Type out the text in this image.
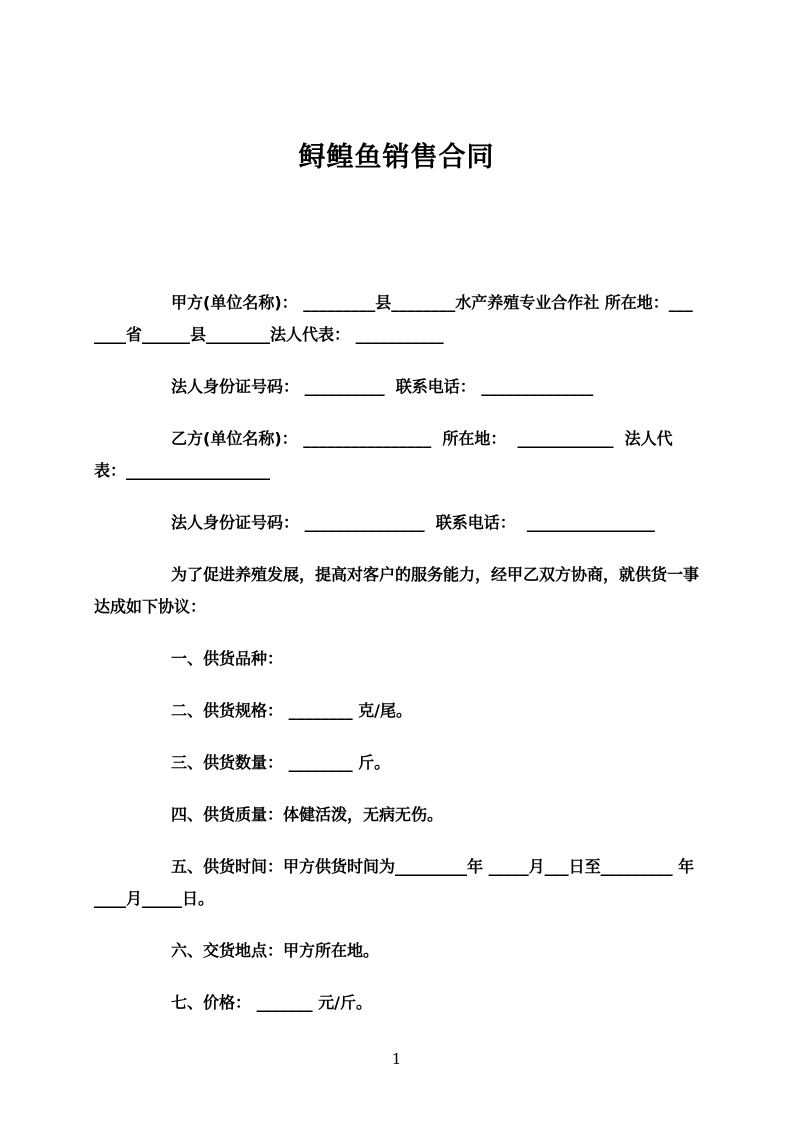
鲟鳇鱼销售合同

甲方(单位名称)： _________县________水产养殖专业合作社 所在地：_______省______县________法人代表： ___________

法人身份证号码： __________  联系电话： ______________

乙方(单位名称)： ________________  所在地：  ____________  法人代表：__________________

法人身份证号码： _______________  联系电话：  ________________

为了促进养殖发展，提高对客户的服务能力，经甲乙双方协商，就供货一事达成如下协议：

一、供货品种：

二、供货规格： ________ 克/尾。

三、供货数量： ________ 斤。

四、供货质量：体健活泼，无病无伤。

五、供货时间：甲方供货时间为_________年 _____月___日至_________ 年____月_____日。

六、交货地点：甲方所在地。

七、价格： _______ 元/斤。

1
